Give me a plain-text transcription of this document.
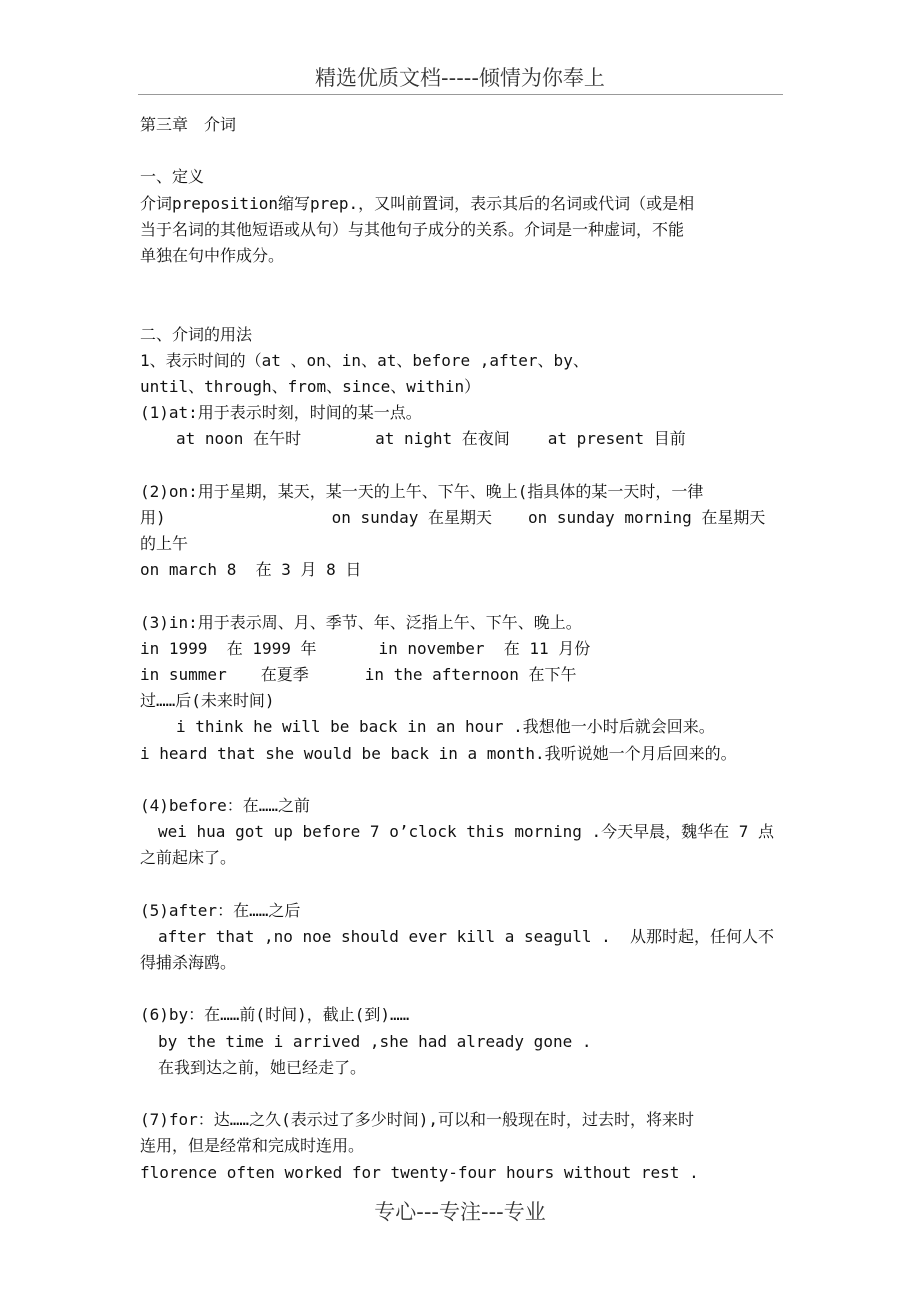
精选优质文档-----倾情为你奉上
第三章　介词
一、定义
介词preposition缩写prep.，又叫前置词，表示其后的名词或代词（或是相
当于名词的其他短语或从句）与其他句子成分的关系。介词是一种虚词，不能
单独在句中作成分。
二、介词的用法
1、表示时间的（at 、on、in、at、before ,after、by、
until、through、from、since、within）
(1)at:用于表示时刻，时间的某一点。
at noon 在午时	at night 在夜间 at present 目前
(2)on:用于星期，某天，某一天的上午、下午、晚上(指具体的某一天时，一律
用)	on sunday 在星期天 on sunday morning 在星期天
的上午
on march 8  在 3 月 8 日
(3)in:用于表示周、月、季节、年、泛指上午、下午、晚上。
in 1999  在 1999 年	in november  在 11 月份
in summer 在夏季	in the afternoon 在下午
过……后(未来时间)
i think he will be back in an hour .我想他一小时后就会回来。
i heard that she would be back in a month.我听说她一个月后回来的。
(4)before：在……之前
wei hua got up before 7 o’clock this morning .今天早晨，魏华在 7 点
之前起床了。
(5)after：在……之后
after that ,no noe should ever kill a seagull .  从那时起，任何人不
得捕杀海鸥。
(6)by：在……前(时间)，截止(到)……
by the time i arrived ,she had already gone .
在我到达之前，她已经走了。
(7)for：达……之久(表示过了多少时间),可以和一般现在时，过去时，将来时
连用，但是经常和完成时连用。
florence often worked for twenty-four hours without rest .
专心---专注---专业
